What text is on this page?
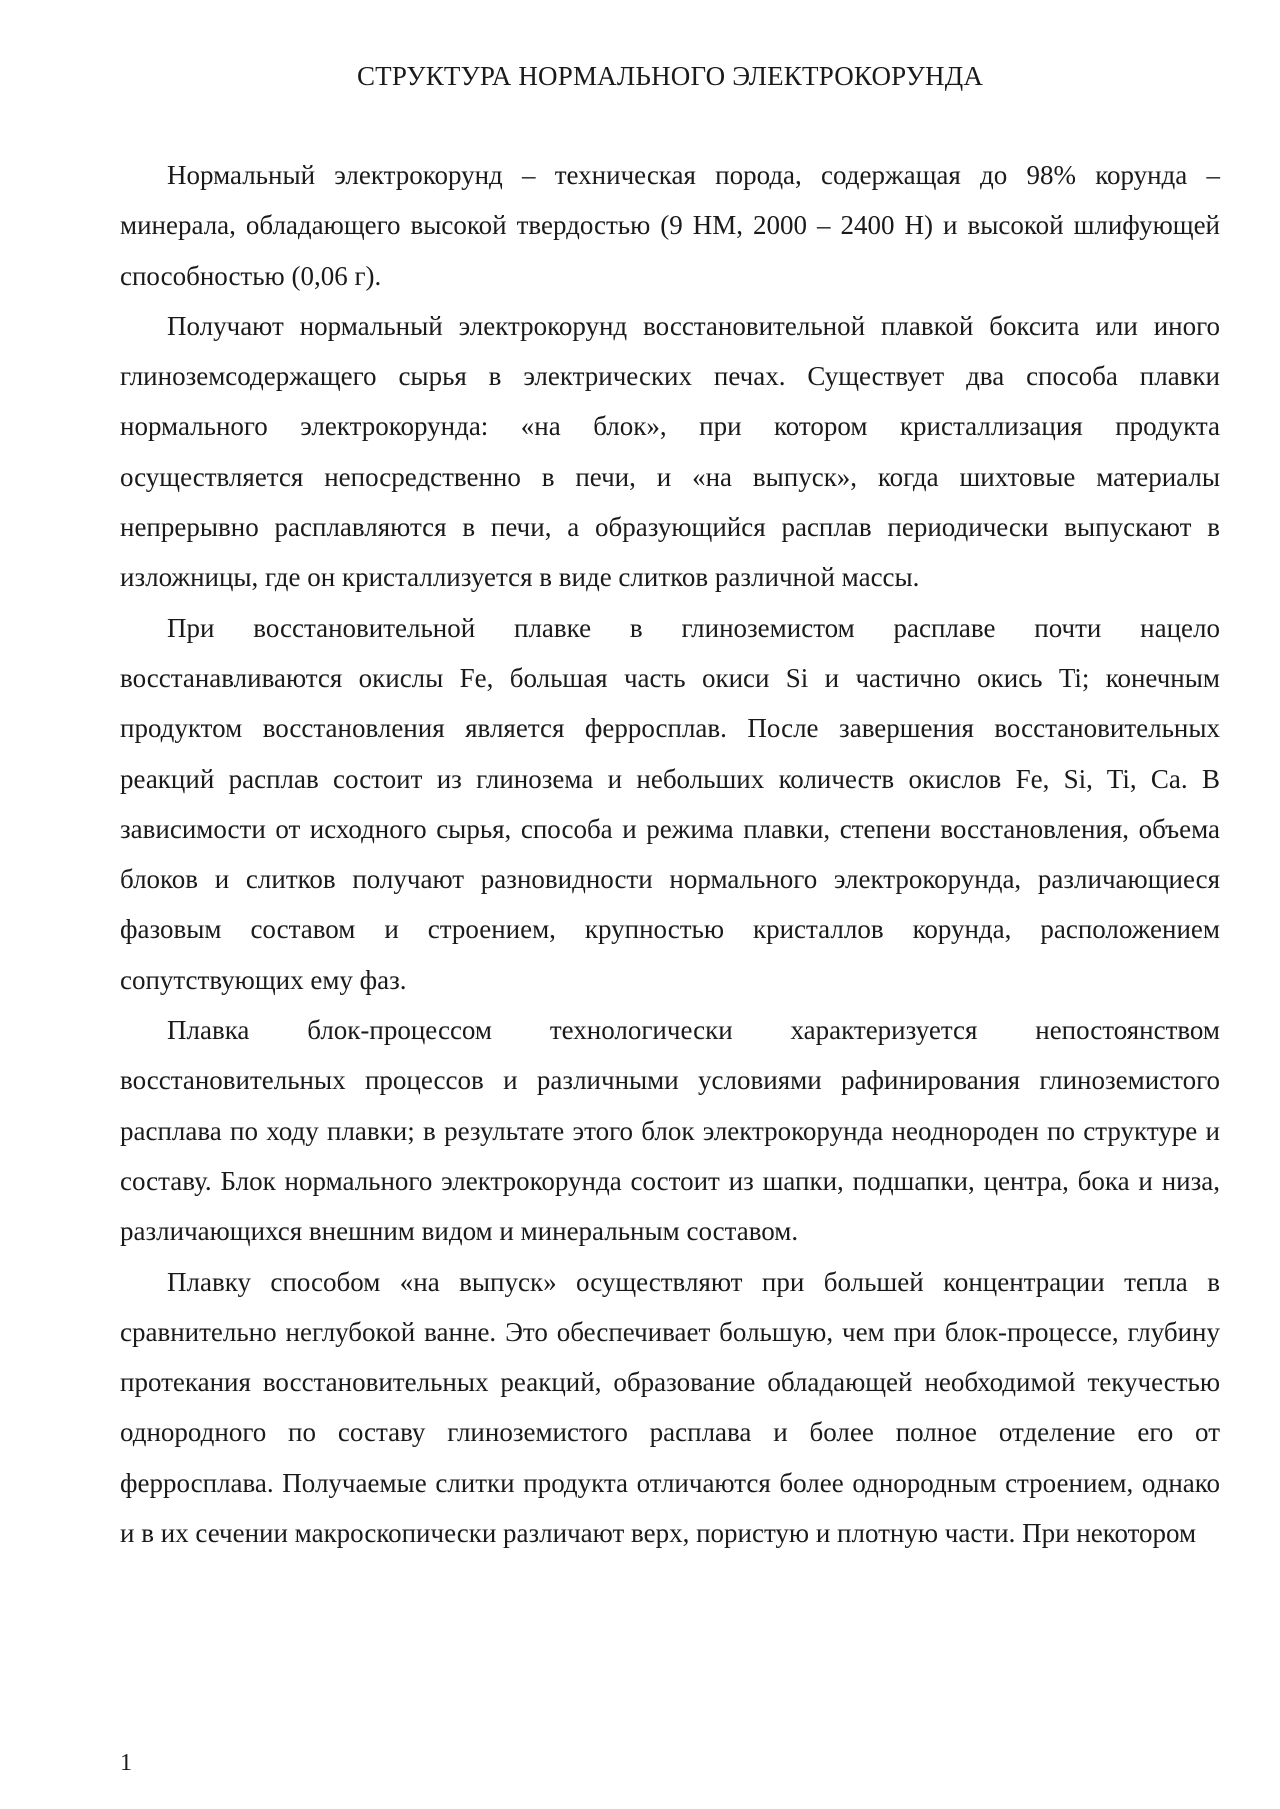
СТРУКТУРА НОРМАЛЬНОГО ЭЛЕКТРОКОРУНДА

Нормальный электрокорунд – техническая порода, содержащая до 98% корунда – минерала, обладающего высокой твердостью (9 НМ, 2000 – 2400 Н) и высокой шлифующей способностью (0,06 г).

Получают нормальный электрокорунд восстановительной плавкой боксита или иного глиноземсодержащего сырья в электрических печах. Существует два способа плавки нормального электрокорунда: «на блок», при котором кристаллизация продукта осуществляется непосредственно в печи, и «на выпуск», когда шихтовые материалы непрерывно расплавляются в печи, а образующийся расплав периодически выпускают в изложницы, где он кристаллизуется в виде слитков различной массы.

При восстановительной плавке в глиноземистом расплаве почти нацело восстанавливаются окислы Fe, большая часть окиси Si и частично окись Ti; конечным продуктом восстановления является ферросплав. После завершения восстановительных реакций расплав состоит из глинозема и небольших количеств окислов Fe, Si, Ti, Ca. В зависимости от исходного сырья, способа и режима плавки, степени восстановления, объема блоков и слитков получают разновидности нормального электрокорунда, различающиеся фазовым составом и строением, крупностью кристаллов корунда, расположением сопутствующих ему фаз.

Плавка блок-процессом технологически характеризуется непостоянством восстановительных процессов и различными условиями рафинирования глиноземистого расплава по ходу плавки; в результате этого блок электрокорунда неоднороден по структуре и составу. Блок нормального электрокорунда состоит из шапки, подшапки, центра, бока и низа, различающихся внешним видом и минеральным составом.

Плавку способом «на выпуск» осуществляют при большей концентрации тепла в сравнительно неглубокой ванне. Это обеспечивает большую, чем при блок-процессе, глубину протекания восстановительных реакций, образование обладающей необходимой текучестью однородного по составу глиноземистого расплава и более полное отделение его от ферросплава. Получаемые слитки продукта отличаются более однородным строением, однако и в их сечении макроскопически различают верх, пористую и плотную части. При некотором

1
